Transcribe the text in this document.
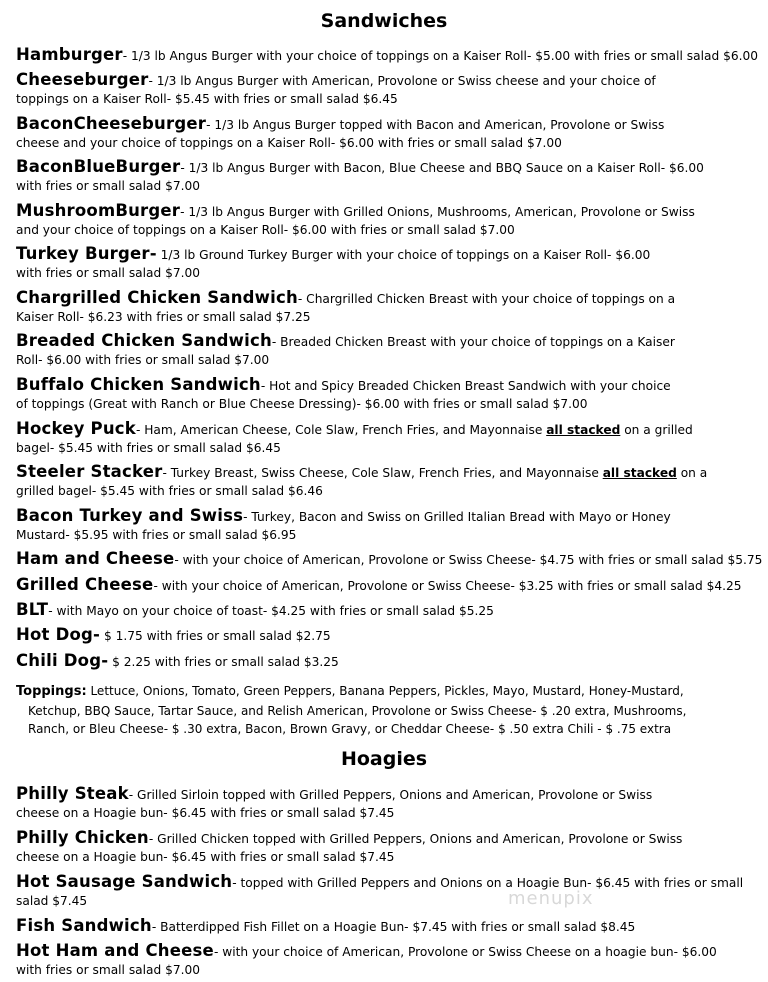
Sandwiches
Hamburger- 1/3 lb Angus Burger with your choice of toppings on a Kaiser Roll- $5.00 with fries or small salad $6.00
Cheeseburger- 1/3 lb Angus Burger with American, Provolone or Swiss cheese and your choice of
toppings on a Kaiser Roll- $5.45 with fries or small salad $6.45
BaconCheeseburger- 1/3 lb Angus Burger topped with Bacon and American, Provolone or Swiss
cheese and your choice of toppings on a Kaiser Roll- $6.00 with fries or small salad $7.00
BaconBlueBurger- 1/3 lb Angus Burger with Bacon, Blue Cheese and BBQ Sauce on a Kaiser Roll- $6.00
with fries or small salad $7.00
MushroomBurger- 1/3 lb Angus Burger with Grilled Onions, Mushrooms, American, Provolone or Swiss
and your choice of toppings on a Kaiser Roll- $6.00 with fries or small salad $7.00
Turkey Burger- 1/3 lb Ground Turkey Burger with your choice of toppings on a Kaiser Roll- $6.00
with fries or small salad $7.00
Chargrilled Chicken Sandwich- Chargrilled Chicken Breast with your choice of toppings on a
Kaiser Roll- $6.23 with fries or small salad $7.25
Breaded Chicken Sandwich- Breaded Chicken Breast with your choice of toppings on a Kaiser
Roll- $6.00 with fries or small salad $7.00
Buffalo Chicken Sandwich- Hot and Spicy Breaded Chicken Breast Sandwich with your choice
of toppings (Great with Ranch or Blue Cheese Dressing)- $6.00 with fries or small salad $7.00
Hockey Puck- Ham, American Cheese, Cole Slaw, French Fries, and Mayonnaise all stacked on a grilled
bagel- $5.45 with fries or small salad $6.45
Steeler Stacker- Turkey Breast, Swiss Cheese, Cole Slaw, French Fries, and Mayonnaise all stacked on a
grilled bagel- $5.45 with fries or small salad $6.46
Bacon Turkey and Swiss- Turkey, Bacon and Swiss on Grilled Italian Bread with Mayo or Honey
Mustard- $5.95 with fries or small salad $6.95
Ham and Cheese- with your choice of American, Provolone or Swiss Cheese- $4.75 with fries or small salad $5.75
Grilled Cheese- with your choice of American, Provolone or Swiss Cheese- $3.25 with fries or small salad $4.25
BLT- with Mayo on your choice of toast- $4.25 with fries or small salad $5.25
Hot Dog- $ 1.75 with fries or small salad $2.75
Chili Dog- $ 2.25 with fries or small salad $3.25
Toppings: Lettuce, Onions, Tomato, Green Peppers, Banana Peppers, Pickles, Mayo, Mustard, Honey-Mustard,
Ketchup, BBQ Sauce, Tartar Sauce, and Relish American, Provolone or Swiss Cheese- $ .20 extra, Mushrooms,
Ranch, or Bleu Cheese- $ .30 extra, Bacon, Brown Gravy, or Cheddar Cheese- $ .50 extra Chili - $ .75 extra
Hoagies
Philly Steak- Grilled Sirloin topped with Grilled Peppers, Onions and American, Provolone or Swiss
cheese on a Hoagie bun- $6.45 with fries or small salad $7.45
Philly Chicken- Grilled Chicken topped with Grilled Peppers, Onions and American, Provolone or Swiss
cheese on a Hoagie bun- $6.45 with fries or small salad $7.45
Hot Sausage Sandwich- topped with Grilled Peppers and Onions on a Hoagie Bun- $6.45 with fries or small
salad $7.45
Fish Sandwich- Batterdipped Fish Fillet on a Hoagie Bun- $7.45 with fries or small salad $8.45
Hot Ham and Cheese- with your choice of American, Provolone or Swiss Cheese on a hoagie bun- $6.00
with fries or small salad $7.00
menupix
